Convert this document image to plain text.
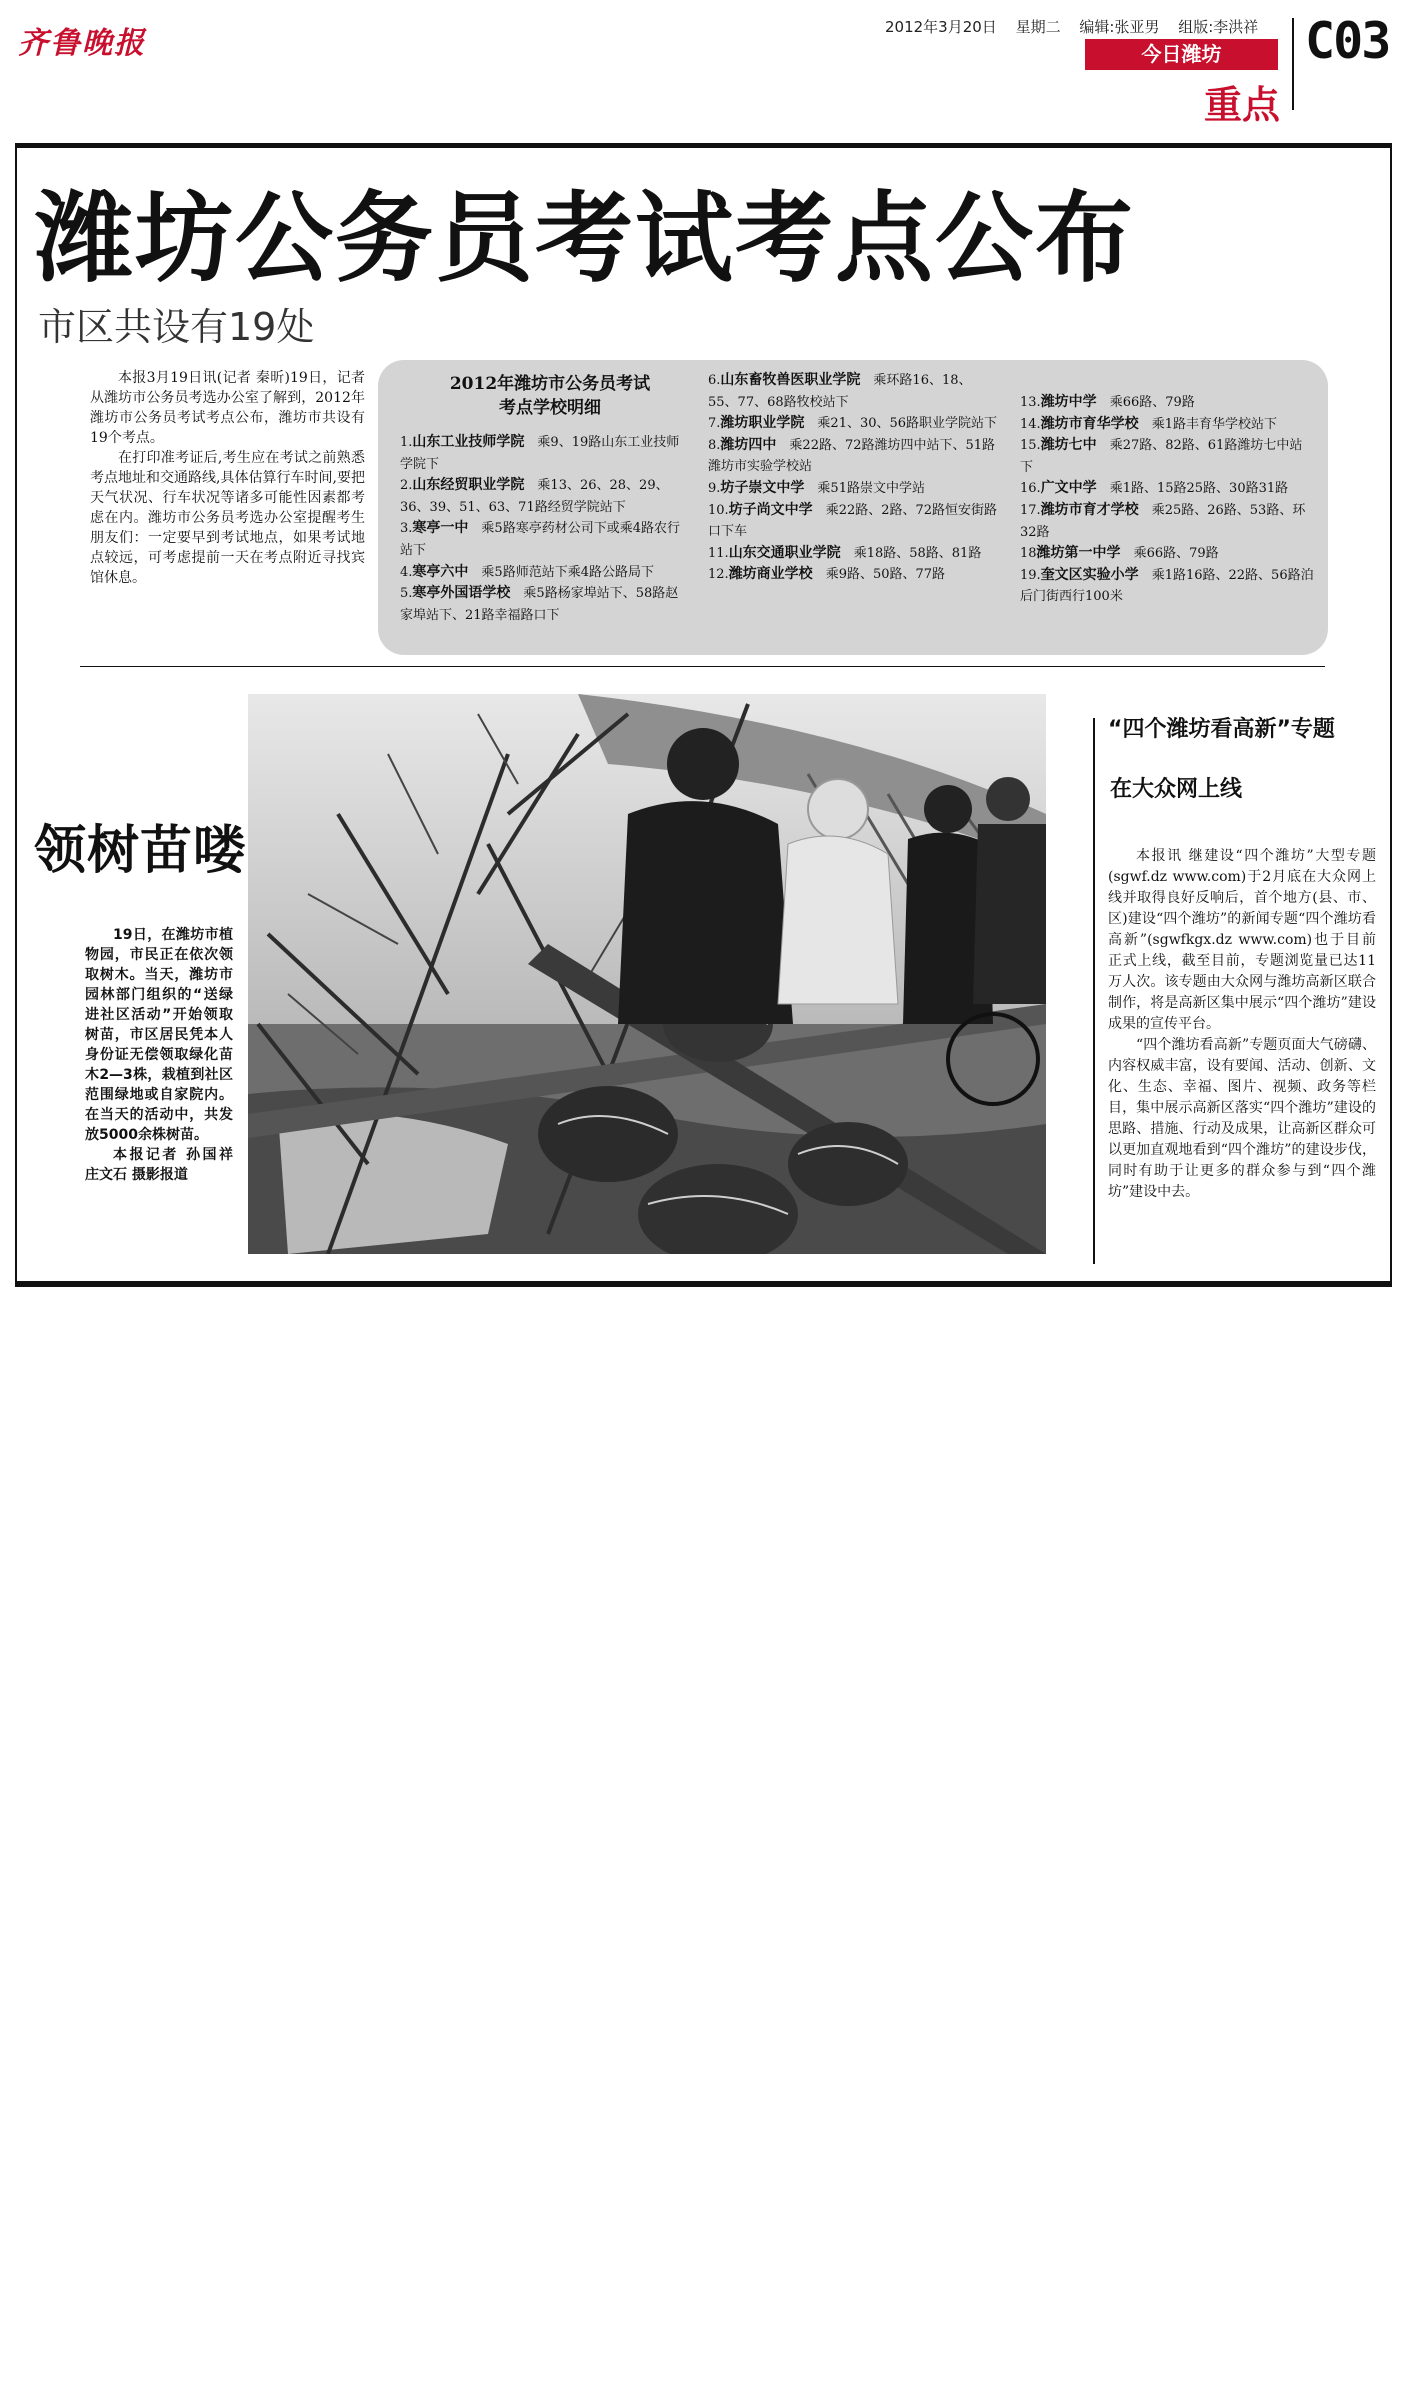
齐鲁晚报	2012年3月20日 星期二 编辑:张亚男 组版:李洪祥
今日潍坊
重点
C03
潍坊公务员考试考点公布
市区共设有19处

本报3月19日讯(记者 秦昕)19日，记者从潍坊市公务员考选办公室了解到，2012年潍坊市公务员考试考点公布，潍坊市共设有19个考点。

在打印准考证后,考生应在考试之前熟悉考点地址和交通路线,具体估算行车时间,要把天气状况、行车状况等诸多可能性因素都考虑在内。潍坊市公务员考选办公室提醒考生朋友们：一定要早到考试地点，如果考试地点较远，可考虑提前一天在考点附近寻找宾馆休息。

2012年潍坊市公务员考试
考点学校明细
1.山东工业技师学院　 乘9、19路山东工业技师学院下
2.山东经贸职业学院　 乘13、26、28、29、36、39、51、63、71路经贸学院站下
3.寒亭一中　 乘5路寒亭药材公司下或乘4路农行站下
4.寒亭六中　 乘5路师范站下乘4路公路局下
5.寒亭外国语学校　 乘5路杨家埠站下、58路赵家埠站下、21路幸福路口下
6.山东畜牧兽医职业学院　 乘环路16、18、55、77、68路牧校站下
7.潍坊职业学院　 乘21、30、56路职业学院站下
8.潍坊四中　 乘22路、72路潍坊四中站下、51路潍坊市实验学校站
9.坊子崇文中学　 乘51路崇文中学站
10.坊子尚文中学　 乘22路、2路、72路恒安街路口下车
11.山东交通职业学院　 乘18路、58路、81路
12.潍坊商业学校　 乘9路、50路、77路
13.潍坊中学　 乘66路、79路
14.潍坊市育华学校　 乘1路丰育华学校站下
15.潍坊七中　 乘27路、82路、61路潍坊七中站下
16.广文中学　 乘1路、15路25路、30路31路
17.潍坊市育才学校　 乘25路、26路、53路、环32路
18潍坊第一中学　 乘66路、79路
19.奎文区实验小学　 乘1路16路、22路、56路泊后门街西行100米
领树苗喽

19日，在潍坊市植物园，市民正在依次领取树木。当天，潍坊市园林部门组织的“送绿进社区活动”开始领取树苗，市区居民凭本人身份证无偿领取绿化苗木2—3株，栽植到社区范围绿地或自家院内。在当天的活动中，共发放5000余株树苗。

本报记者 孙国祥 庄文石 摄影报道

“四个潍坊看高新”专题
在大众网上线

本报讯 继建设“四个潍坊”大型专题(sgwf.dz www.com)于2月底在大众网上线并取得良好反响后，首个地方(县、市、区)建设“四个潍坊”的新闻专题“四个潍坊看高新”(sgwfkgx.dz www.com)也于目前正式上线，截至目前，专题浏览量已达11万人次。该专题由大众网与潍坊高新区联合制作，将是高新区集中展示“四个潍坊”建设成果的宣传平台。

“四个潍坊看高新”专题页面大气磅礴、内容权威丰富，设有要闻、活动、创新、文化、生态、幸福、图片、视频、政务等栏目，集中展示高新区落实“四个潍坊”建设的思路、措施、行动及成果，让高新区群众可以更加直观地看到“四个潍坊”的建设步伐，同时有助于让更多的群众参与到“四个潍坊”建设中去。
